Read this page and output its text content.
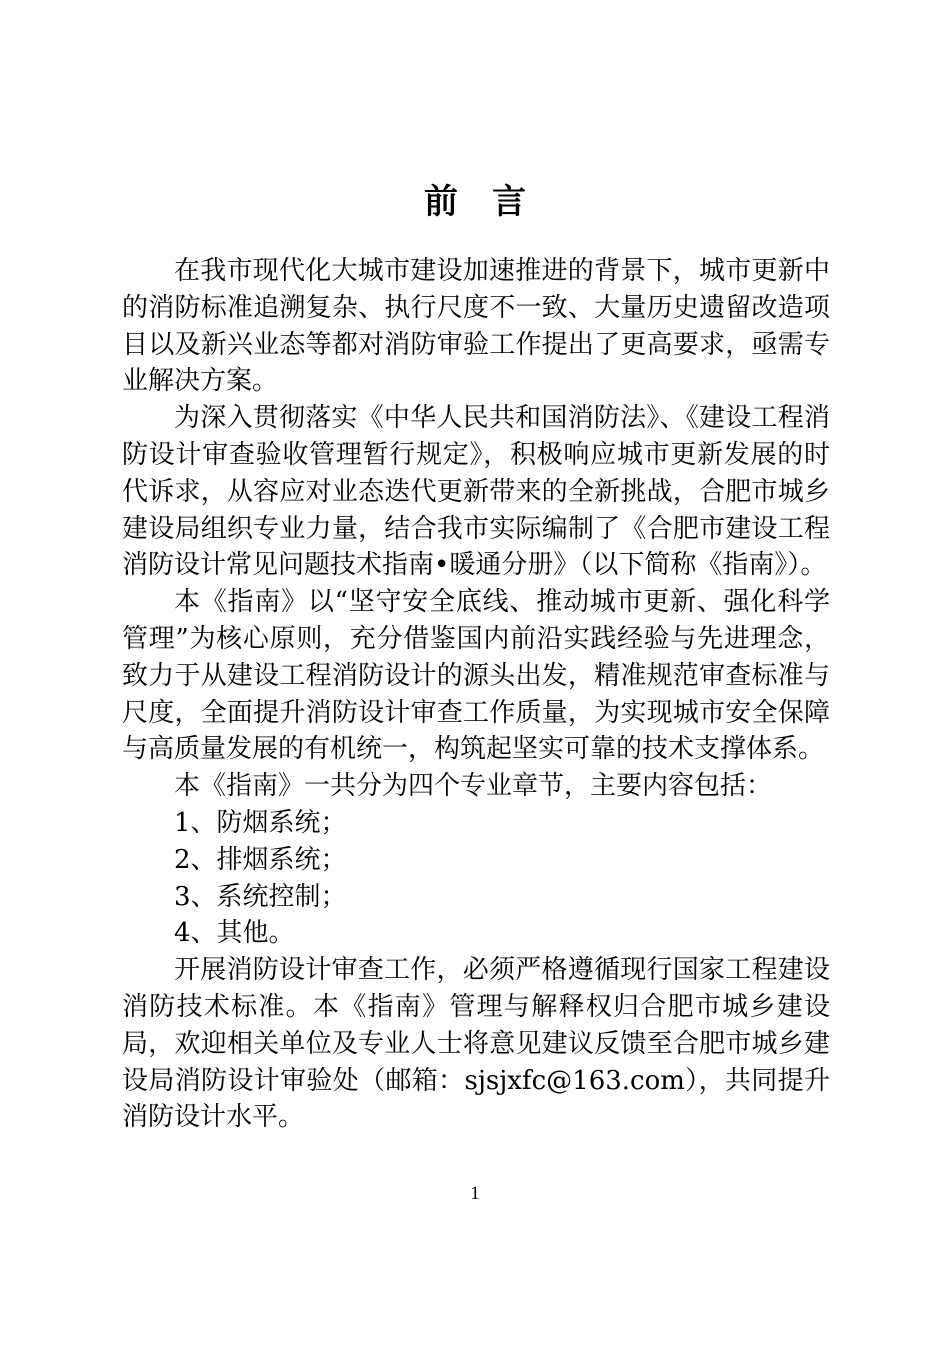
前言

在我市现代化大城市建设加速推进的背景下，城市更新中的消防标准追溯复杂、执行尺度不一致、大量历史遗留改造项目以及新兴业态等都对消防审验工作提出了更高要求，亟需专业解决方案。

为深入贯彻落实《中华人民共和国消防法》、《建设工程消防设计审查验收管理暂行规定》，积极响应城市更新发展的时代诉求，从容应对业态迭代更新带来的全新挑战，合肥市城乡建设局组织专业力量，结合我市实际编制了《合肥市建设工程消防设计常见问题技术指南•暖通分册》（以下简称《指南》）。

本《指南》以“坚守安全底线、推动城市更新、强化科学管理”为核心原则，充分借鉴国内前沿实践经验与先进理念，致力于从建设工程消防设计的源头出发，精准规范审查标准与尺度，全面提升消防设计审查工作质量，为实现城市安全保障与高质量发展的有机统一，构筑起坚实可靠的技术支撑体系。

本《指南》一共分为四个专业章节，主要内容包括：

1、防烟系统；

2、排烟系统；

3、系统控制；

4、其他。

开展消防设计审查工作，必须严格遵循现行国家工程建设消防技术标准。本《指南》管理与解释权归合肥市城乡建设局，欢迎相关单位及专业人士将意见建议反馈至合肥市城乡建设局消防设计审验处（邮箱：sjsjxfc@163.com），共同提升消防设计水平。

1
